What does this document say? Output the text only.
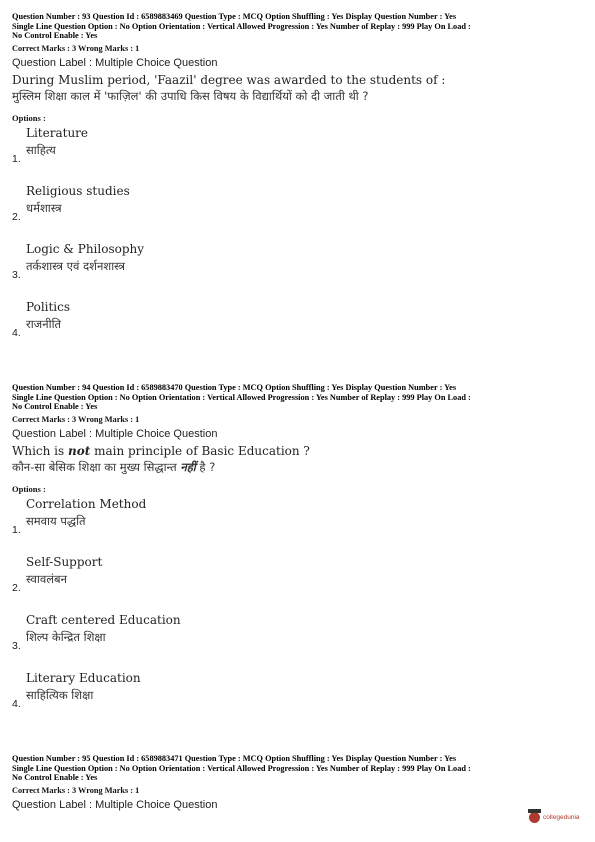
Question Number : 93 Question Id : 6589883469 Question Type : MCQ Option Shuffling : Yes Display Question Number : Yes
Single Line Question Option : No Option Orientation : Vertical Allowed Progression : Yes Number of Replay : 999 Play On Load :
No Control Enable : Yes
Correct Marks : 3 Wrong Marks : 1
Question Label : Multiple Choice Question
During Muslim period, 'Faazil' degree was awarded to the students of :
मुस्लिम शिक्षा काल में 'फाज़िल' की उपाधि किस विषय के विद्यार्थियों को दी जाती थी ?
Options :
Literature
साहित्य
1.
Religious studies
धर्मशास्त्र
2.
Logic & Philosophy
तर्कशास्त्र एवं दर्शनशास्त्र
3.
Politics
राजनीति
4.
Question Number : 94 Question Id : 6589883470 Question Type : MCQ Option Shuffling : Yes Display Question Number : Yes
Single Line Question Option : No Option Orientation : Vertical Allowed Progression : Yes Number of Replay : 999 Play On Load :
No Control Enable : Yes
Correct Marks : 3 Wrong Marks : 1
Question Label : Multiple Choice Question
Which is not main principle of Basic Education ?
कौन-सा बेसिक शिक्षा का मुख्य सिद्धान्त नहीं है ?
Options :
Correlation Method
समवाय पद्धति
1.
Self-Support
स्वावलंबन
2.
Craft centered Education
शिल्प केन्द्रित शिक्षा
3.
Literary Education
साहित्यिक शिक्षा
4.
Question Number : 95 Question Id : 6589883471 Question Type : MCQ Option Shuffling : Yes Display Question Number : Yes
Single Line Question Option : No Option Orientation : Vertical Allowed Progression : Yes Number of Replay : 999 Play On Load :
No Control Enable : Yes
Correct Marks : 3 Wrong Marks : 1
Question Label : Multiple Choice Question
collegedunia
